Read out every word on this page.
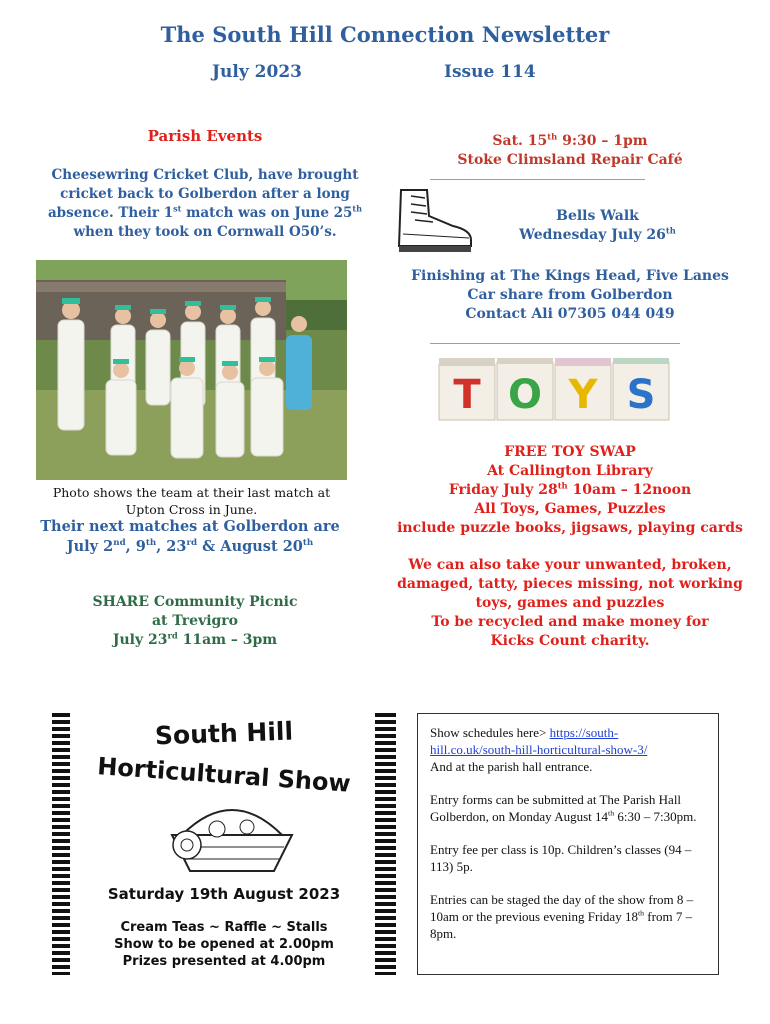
The South Hill Connection Newsletter
July 2023	Issue 114
Parish Events
Cheesewring Cricket Club, have brought
cricket back to Golberdon after a long
absence. Their 1st match was on June 25th
when they took on Cornwall O50’s.
Photo shows the team at their last match at
Upton Cross in June.
Their next matches at Golberdon are
July 2nd, 9th, 23rd & August 20th
SHARE Community Picnic
at Trevigro
July 23rd 11am – 3pm
Sat. 15th 9:30 – 1pm
Stoke Climsland Repair Café
Bells Walk
Wednesday July 26th
Finishing at The Kings Head, Five Lanes
Car share from Golberdon
Contact Ali 07305 044 049
T O Y S
FREE TOY SWAP
At Callington Library
Friday July 28th 10am – 12noon
All Toys, Games, Puzzles
include puzzle books, jigsaws, playing cards
We can also take your unwanted, broken,
damaged, tatty, pieces missing, not working
toys, games and puzzles
To be recycled and make money for
Kicks Count charity.
South Hill
Horticultural Show
Saturday 19th August 2023
Cream Teas ~ Raffle ~ Stalls
Show to be opened at 2.00pm
Prizes presented at 4.00pm

Show schedules here> https://south-
hill.co.uk/south-hill-horticultural-show-3/
And at the parish hall entrance.

Entry forms can be submitted at The Parish Hall Golberdon, on Monday August 14th 6:30 – 7:30pm.

Entry fee per class is 10p. Children’s classes (94 – 113) 5p.

Entries can be staged the day of the show from 8 – 10am or the previous evening Friday 18th from 7 – 8pm.
